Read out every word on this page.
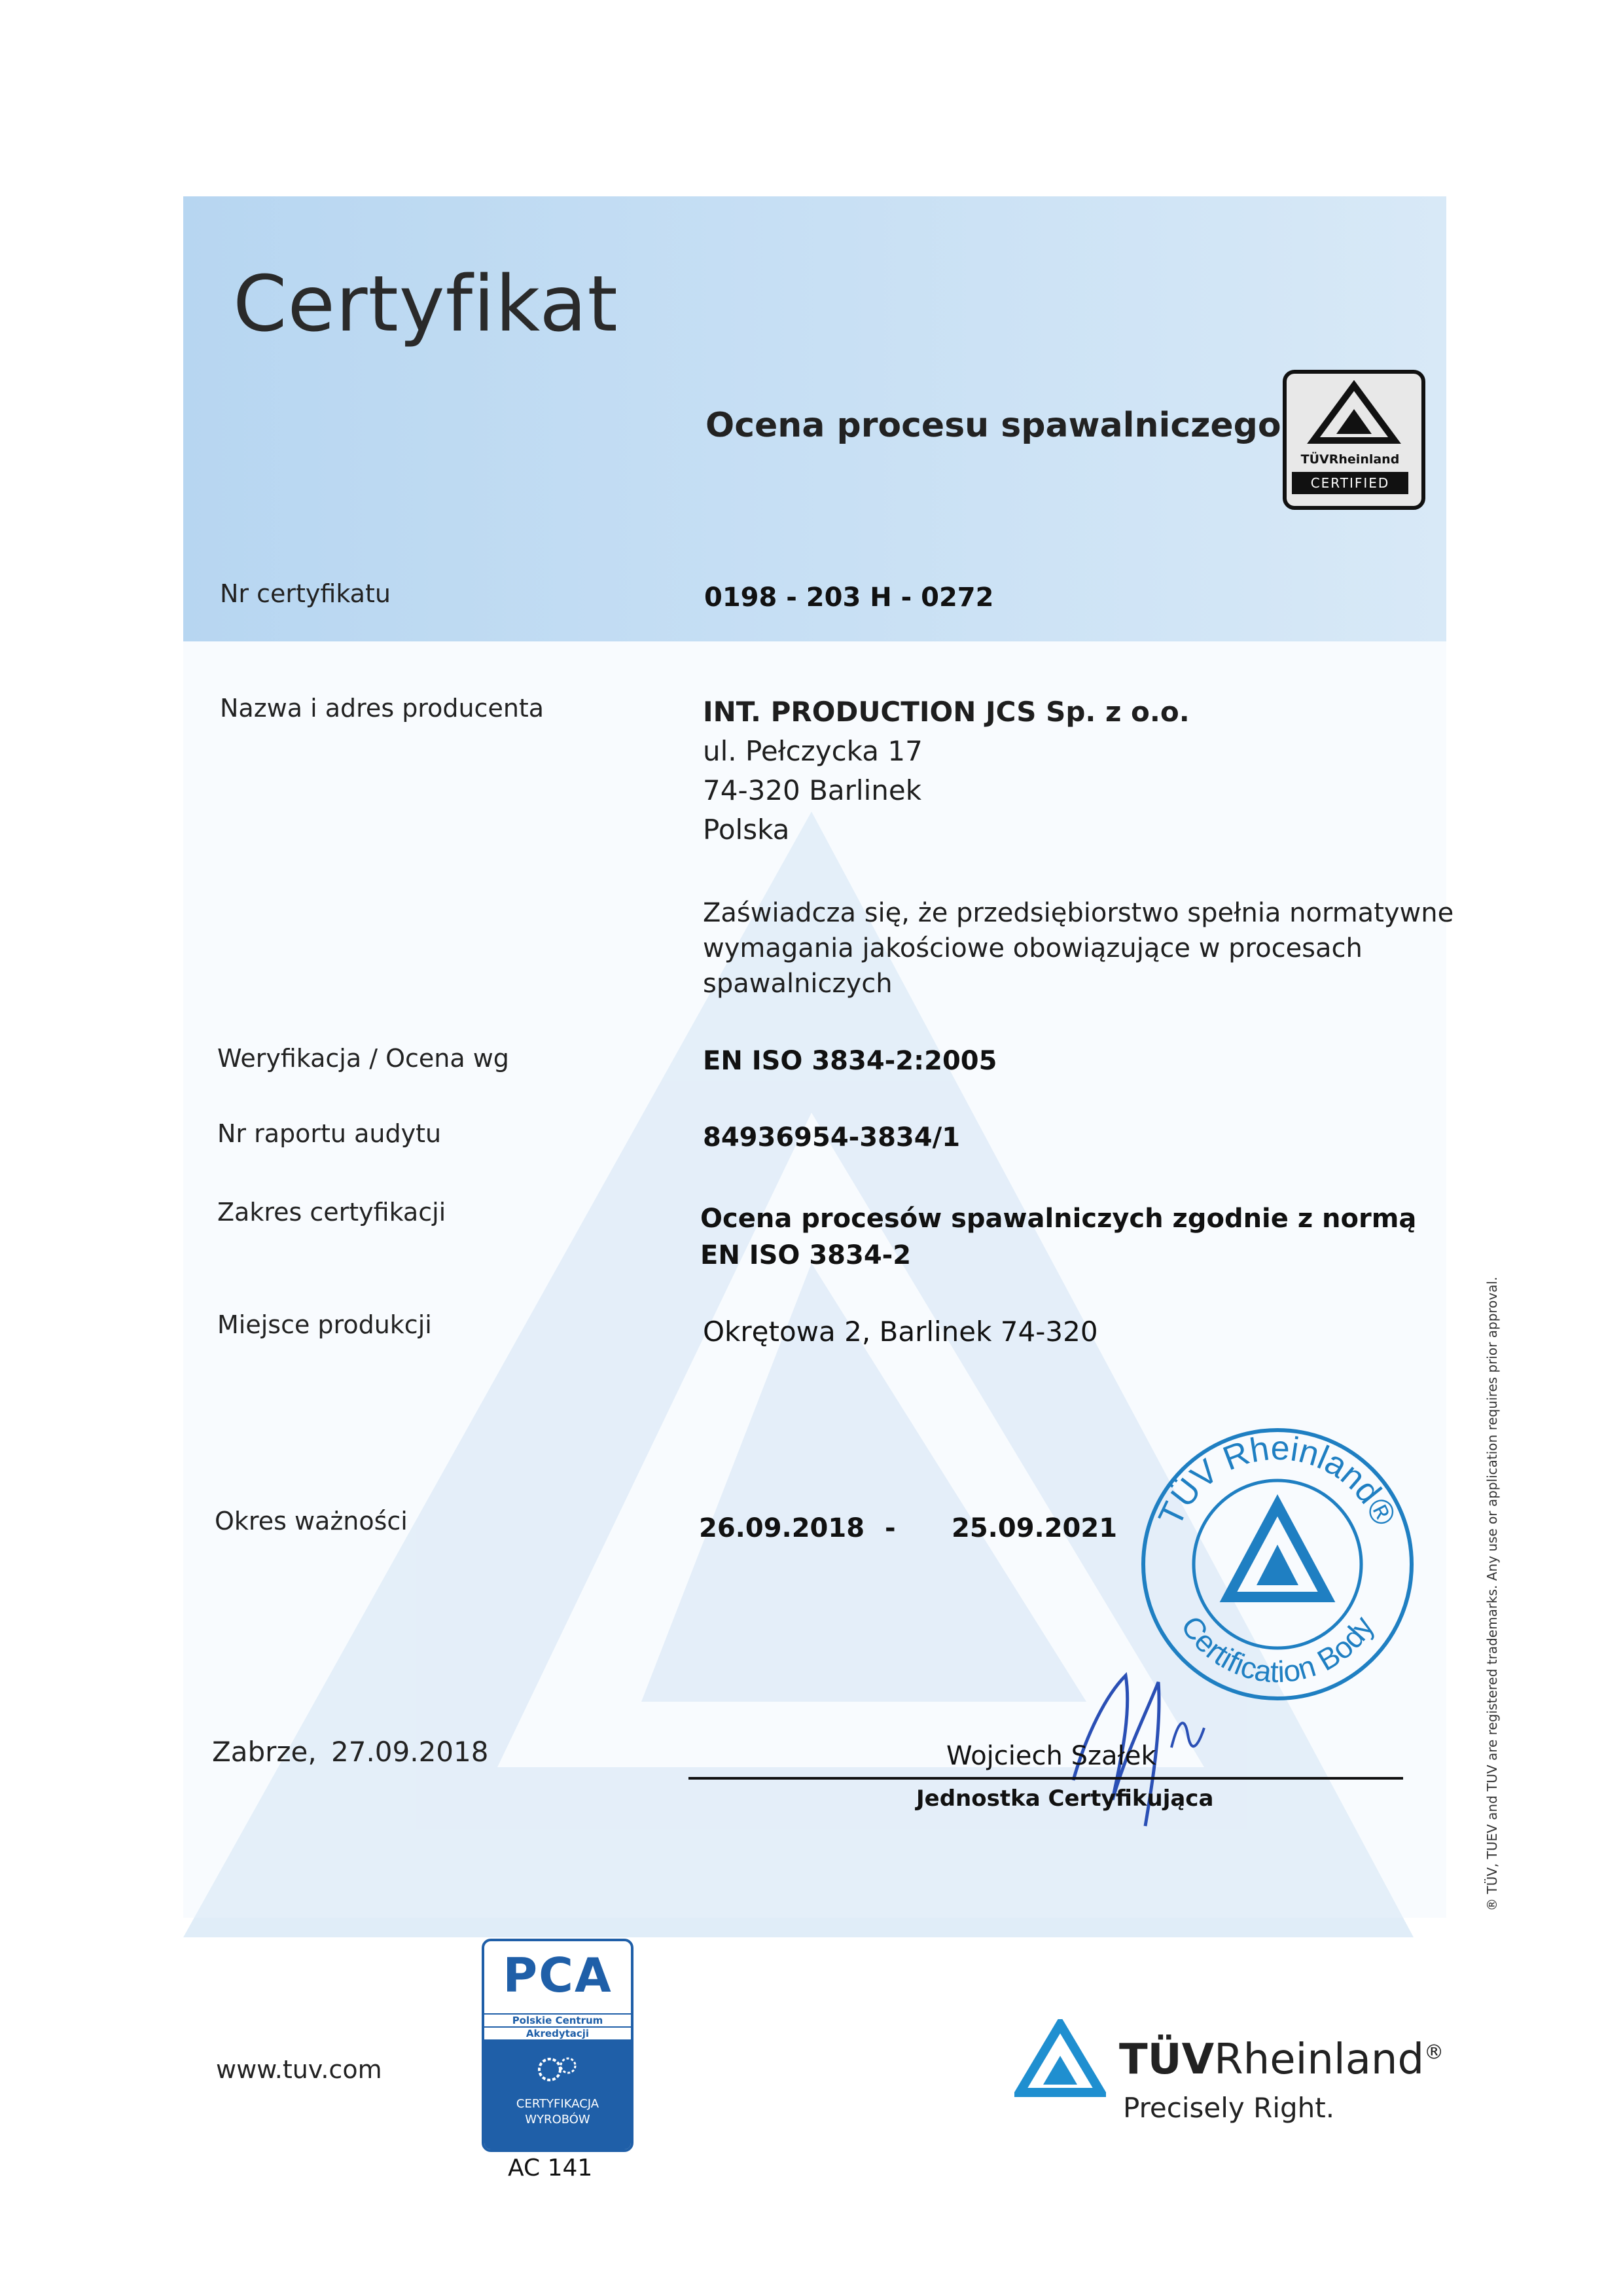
Certyfikat
Ocena procesu spawalniczego
TÜVRheinland
CERTIFIED
Nr certyfikatu	0198 - 203 H - 0272
Nazwa i adres producenta	INT. PRODUCTION JCS Sp. z o.o.
ul. Pełczycka 17
74-320 Barlinek
Polska
Zaświadcza się, że przedsiębiorstwo spełnia normatywne
wymagania jakościowe obowiązujące w procesach
spawalniczych
Weryfikacja / Ocena wg	EN ISO 3834-2:2005
Nr raportu audytu	84936954-3834/1
Zakres certyfikacji	Ocena procesów spawalniczych zgodnie z normą
EN ISO 3834-2
Miejsce produkcji	Okrętowa 2, Barlinek 74-320
Okres ważności	26.09.2018 - 25.09.2021 TÜV Rheinland®
Certification Body
Zabrze, 27.09.2018	Wojciech Szałek
Jednostka Certyfikująca	® TÜV, TUEV and TUV are registered trademarks. Any use or application requires prior approval.
www.tuv.com
PCA
Polskie Centrum
Akredytacji
CERTYFIKACJA
WYROBÓW
AC 141
TÜVRheinland®
Precisely Right.
